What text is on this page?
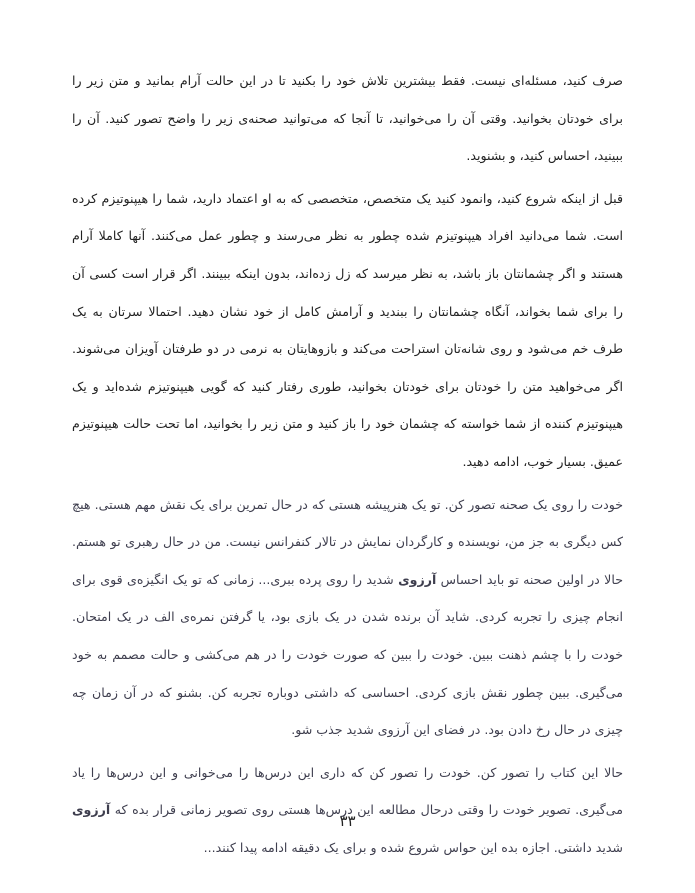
صرف کنید، مسئله‌ای نیست. فقط بیشترین تلاش خود را بکنید تا در این حالت آرام بمانید و متن زیر را برای خودتان بخوانید. وقتی آن را می‌خوانید، تا آنجا که می‌توانید صحنه‌ی زیر را واضح تصور کنید. آن را ببینید، احساس کنید، و بشنوید.

قبل از اینکه شروع کنید، وانمود کنید یک متخصص، متخصصی که به او اعتماد دارید، شما را هیپنوتیزم کرده است. شما می‌دانید افراد هیپنوتیزم شده چطور به نظر می‌رسند و چطور عمل می‌کنند. آنها کاملا آرام هستند و اگر چشمانتان باز باشد، به نظر میرسد که زل زده‌اند، بدون اینکه ببینند. اگر قرار است کسی آن را برای شما بخواند، آنگاه چشمانتان را ببندید و آرامش کامل از خود نشان دهید. احتمالا سرتان به یک طرف خم می‌شود و روی شانه‌تان استراحت می‌کند و بازوهایتان به نرمی در دو طرفتان آویزان می‌شوند. اگر می‌خواهید متن را خودتان برای خودتان بخوانید، طوری رفتار کنید که گویی هیپنوتیزم شده‌اید و یک هیپنوتیزم کننده از شما خواسته که چشمان خود را باز کنید و متن زیر را بخوانید، اما تحت حالت هیپنوتیزم عمیق. بسیار خوب، ادامه دهید.

خودت را روی یک صحنه تصور کن. تو یک هنرپیشه هستی که در حال تمرین برای یک نقش مهم هستی. هیچ کس دیگری به جز من، نویسنده و کارگردان نمایش در تالار کنفرانس نیست. من در حال رهبری تو هستم. حالا در اولین صحنه تو باید احساس آرزوی شدید را روی پرده ببری... زمانی که تو یک انگیزه‌ی قوی برای انجام چیزی را تجربه کردی. شاید آن برنده شدن در یک بازی بود، یا گرفتن نمره‌ی الف در یک امتحان. خودت را با چشم ذهنت ببین. خودت را ببین که صورت خودت را در هم می‌کشی و حالت مصمم به خود می‌گیری. ببین چطور نقش بازی کردی. احساسی که داشتی دوباره تجربه کن. بشنو که در آن زمان چه چیزی در حال رخ دادن بود. در فضای این آرزوی شدید جذب شو.

حالا این کتاب را تصور کن. خودت را تصور کن که داری این درس‌ها را می‌خوانی و این درس‌ها را یاد می‌گیری. تصویر خودت را وقتی درحال مطالعه این درس‌ها هستی روی تصویر زمانی قرار بده که آرزوی شدید داشتی. اجازه بده این حواس شروع شده و برای یک دقیقه ادامه پیدا کنند...

۳۳
